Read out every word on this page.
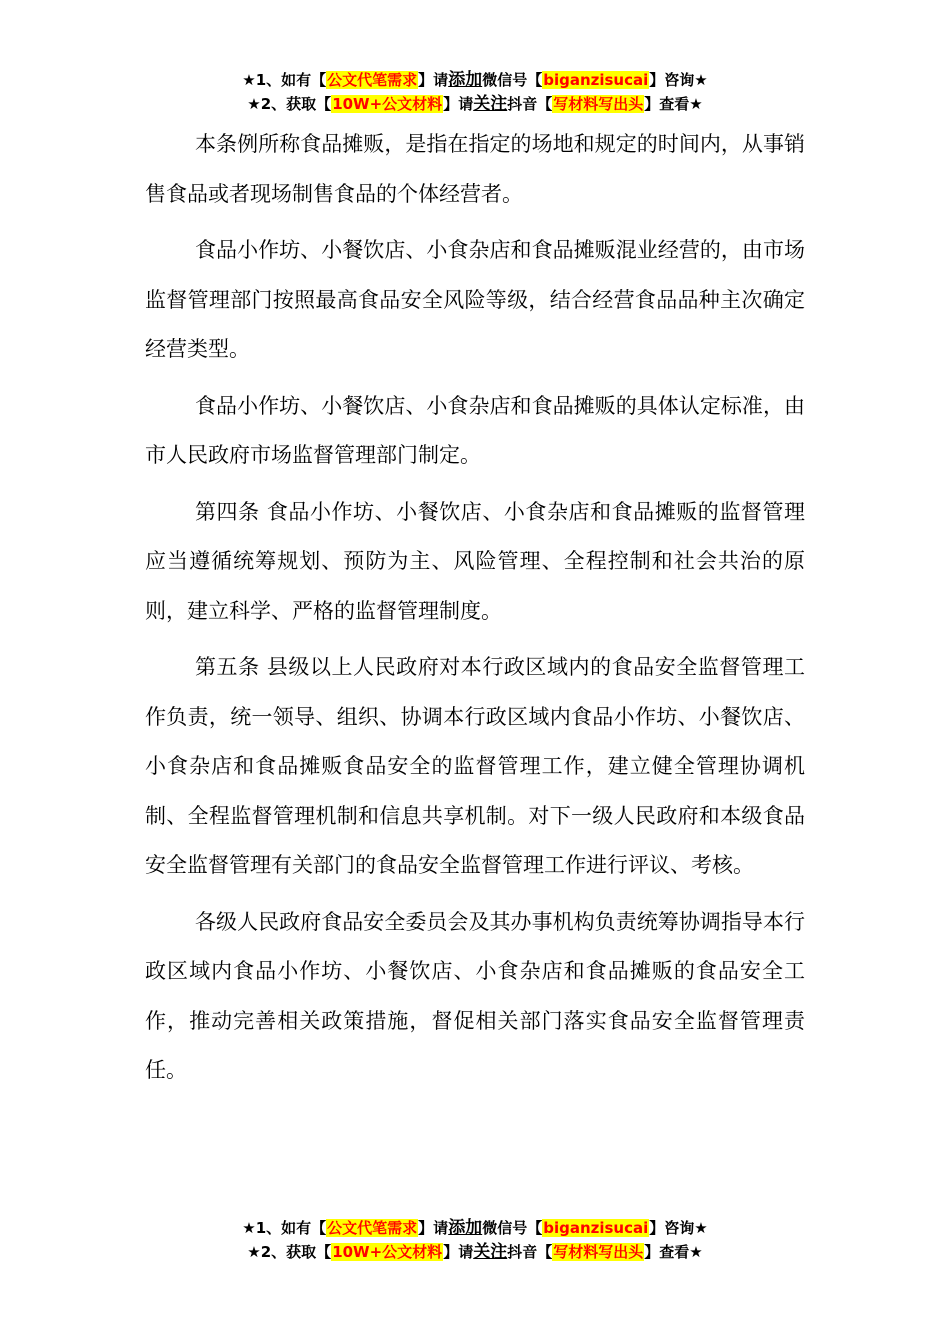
★1、如有【公文代笔需求】请添加微信号【biganzisucai】咨询★
★2、获取【10W+公文材料】请关注抖音【写材料写出头】查看★

本条例所称食品摊贩，是指在指定的场地和规定的时间内，从事销售食品或者现场制售食品的个体经营者。

食品小作坊、小餐饮店、小食杂店和食品摊贩混业经营的，由市场监督管理部门按照最高食品安全风险等级，结合经营食品品种主次确定经营类型。

食品小作坊、小餐饮店、小食杂店和食品摊贩的具体认定标准，由市人民政府市场监督管理部门制定。

第四条 食品小作坊、小餐饮店、小食杂店和食品摊贩的监督管理应当遵循统筹规划、预防为主、风险管理、全程控制和社会共治的原则，建立科学、严格的监督管理制度。

第五条 县级以上人民政府对本行政区域内的食品安全监督管理工作负责，统一领导、组织、协调本行政区域内食品小作坊、小餐饮店、小食杂店和食品摊贩食品安全的监督管理工作，建立健全管理协调机制、全程监督管理机制和信息共享机制。对下一级人民政府和本级食品安全监督管理有关部门的食品安全监督管理工作进行评议、考核。

各级人民政府食品安全委员会及其办事机构负责统筹协调指导本行政区域内食品小作坊、小餐饮店、小食杂店和食品摊贩的食品安全工作，推动完善相关政策措施，督促相关部门落实食品安全监督管理责任。

★1、如有【公文代笔需求】请添加微信号【biganzisucai】咨询★
★2、获取【10W+公文材料】请关注抖音【写材料写出头】查看★
